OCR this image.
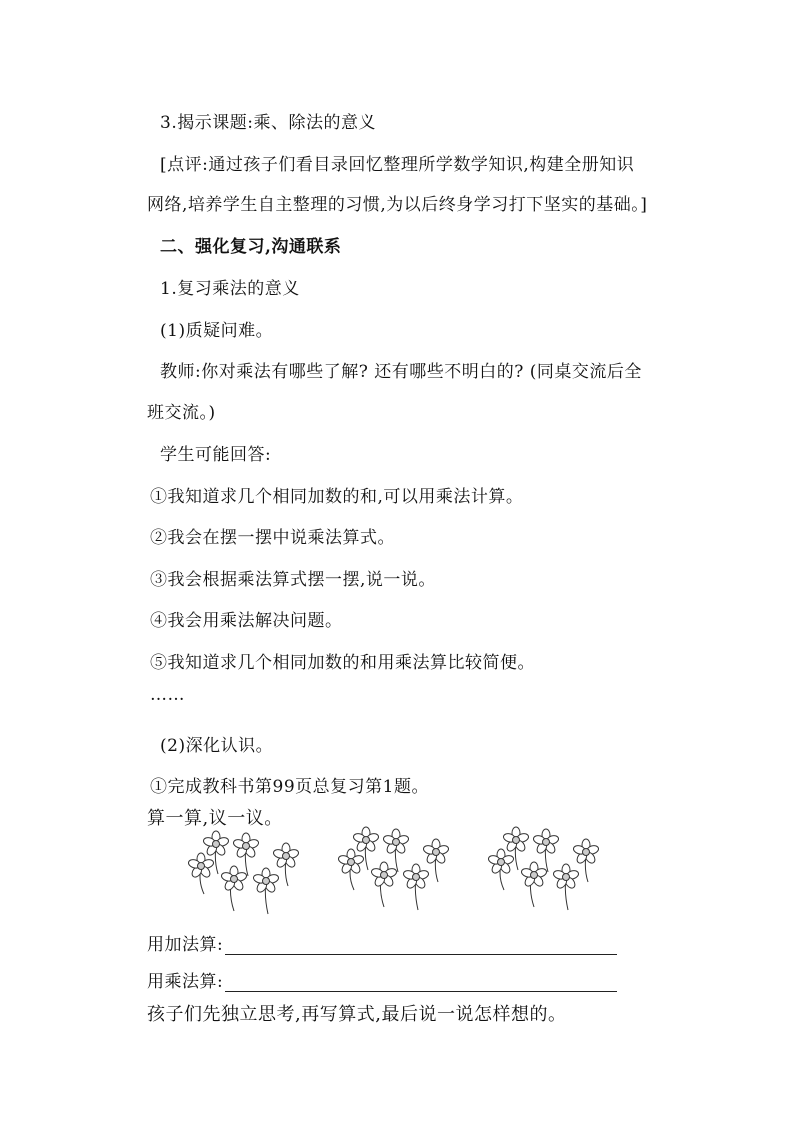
3.揭示课题:乘、除法的意义
[点评:通过孩子们看目录回忆整理所学数学知识,构建全册知识
网络,培养学生自主整理的习惯,为以后终身学习打下坚实的基础。]
二、强化复习,沟通联系
1.复习乘法的意义
(1)质疑问难。
教师:你对乘法有哪些了解? 还有哪些不明白的? (同桌交流后全
班交流。)
学生可能回答:
①我知道求几个相同加数的和,可以用乘法计算。
②我会在摆一摆中说乘法算式。
③我会根据乘法算式摆一摆,说一说。
④我会用乘法解决问题。
⑤我知道求几个相同加数的和用乘法算比较简便。
……
(2)深化认识。
①完成教科书第99页总复习第1题。
算一算,议一议。
用加法算:
用乘法算:
孩子们先独立思考,再写算式,最后说一说怎样想的。
